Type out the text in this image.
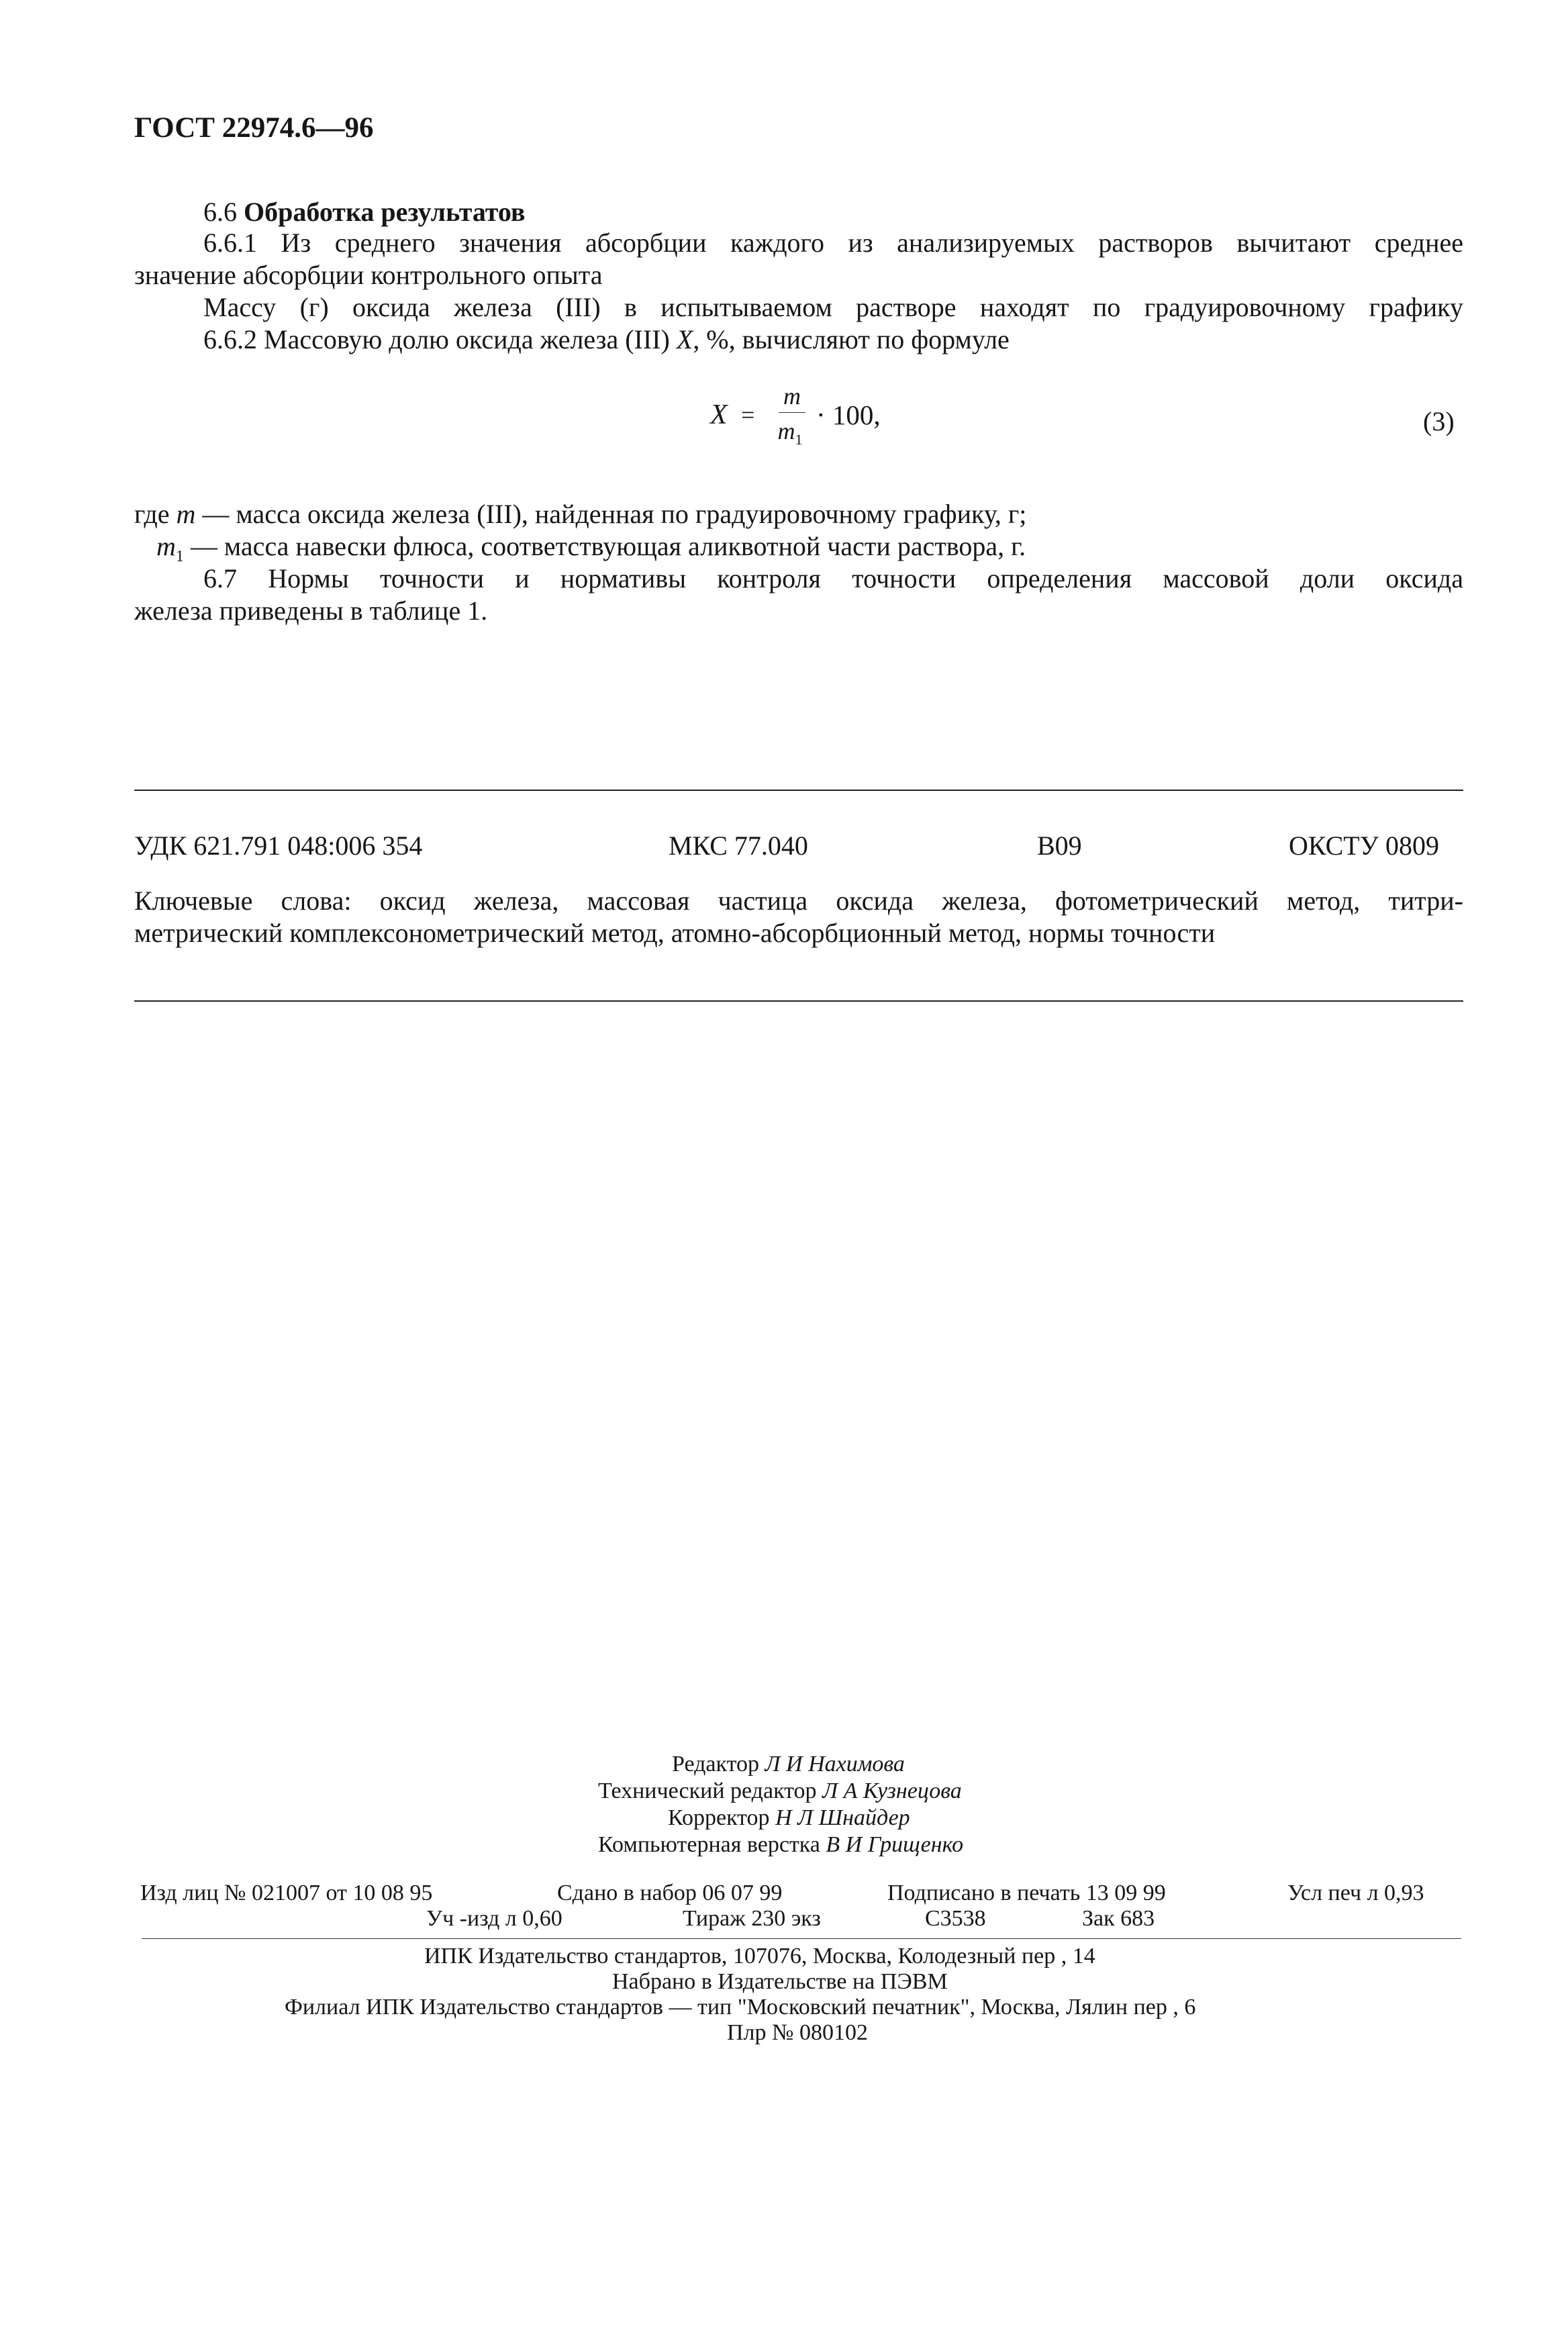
ГОСТ 22974.6—96
6.6 Обработка результатов
6.6.1 Из среднего значения абсорбции каждого из анализируемых растворов вычитают среднее
значение абсорбции контрольного опыта
Массу (г) оксида железа (III) в испытываемом растворе находят по градуировочному графику
6.6.2 Массовую долю оксида железа (III) X, %, вычисляют по формуле
X =
m
$m_1$
· 100,	(3)
где m — масса оксида железа (III), найденная по градуировочному графику, г;
$m_1$ — масса навески флюса, соответствующая аликвотной части раствора, г.
6.7 Нормы точности и нормативы контроля точности определения массовой доли оксида
железа приведены в таблице 1.
УДК 621.791 048:006 354	МКС 77.040	В09	ОКСТУ 0809
Ключевые слова: оксид железа, массовая частица оксида железа, фотометрический метод, титри-
метрический комплексонометрический метод, атомно-абсорбционный метод, нормы точности
Редактор Л И Нахимова
Технический редактор Л А Кузнецова
Корректор Н Л Шнайдер
Компьютерная верстка В И Грищенко
Изд лиц № 021007 от 10 08 95	Сдано в набор 06 07 99	Подписано в печать 13 09 99	Усл печ л 0,93
Уч -изд л 0,60	Тираж 230 экз	С3538	Зак 683
ИПК Издательство стандартов, 107076, Москва, Колодезный пер , 14
Набрано в Издательстве на ПЭВМ
Филиал ИПК Издательство стандартов — тип "Московский печатник", Москва, Лялин пер , 6
Плр № 080102
